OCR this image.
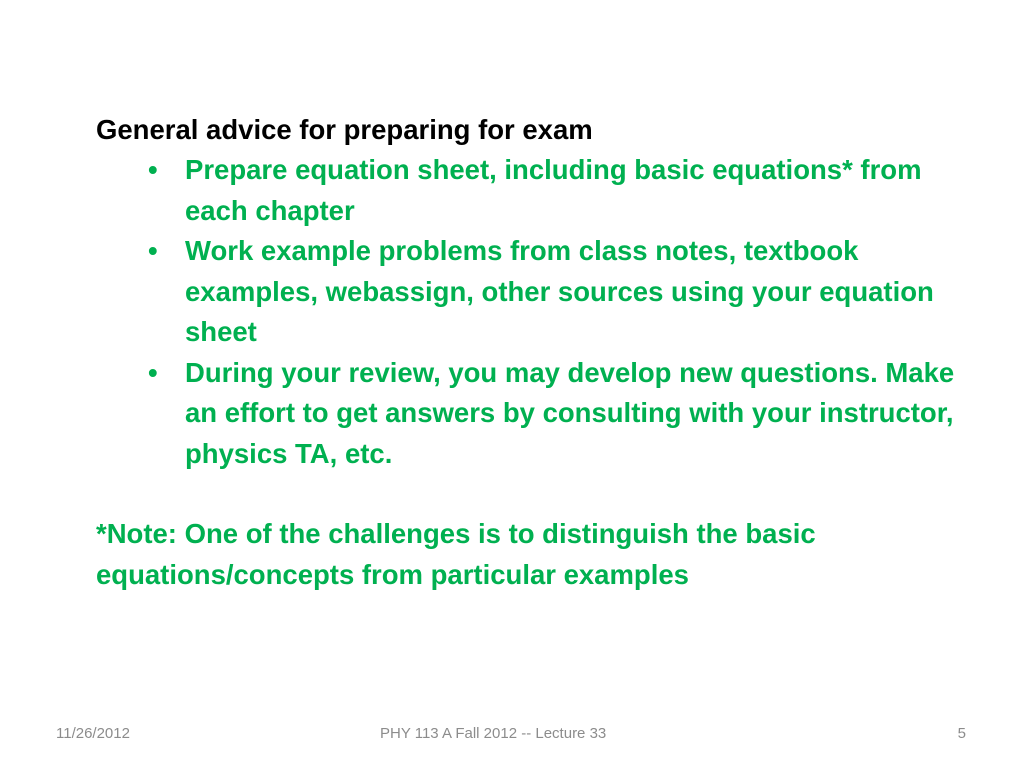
General advice for preparing for exam

• Prepare equation sheet, including basic equations* from each chapter
• Work example problems from class notes, textbook examples, webassign, other sources using your equation sheet
• During your review, you may develop new questions. Make an effort to get answers by consulting with your instructor, physics TA, etc.

*Note: One of the challenges is to distinguish the basic equations/concepts from particular examples

11/26/2012	PHY 113 A Fall 2012 -- Lecture 33	5
